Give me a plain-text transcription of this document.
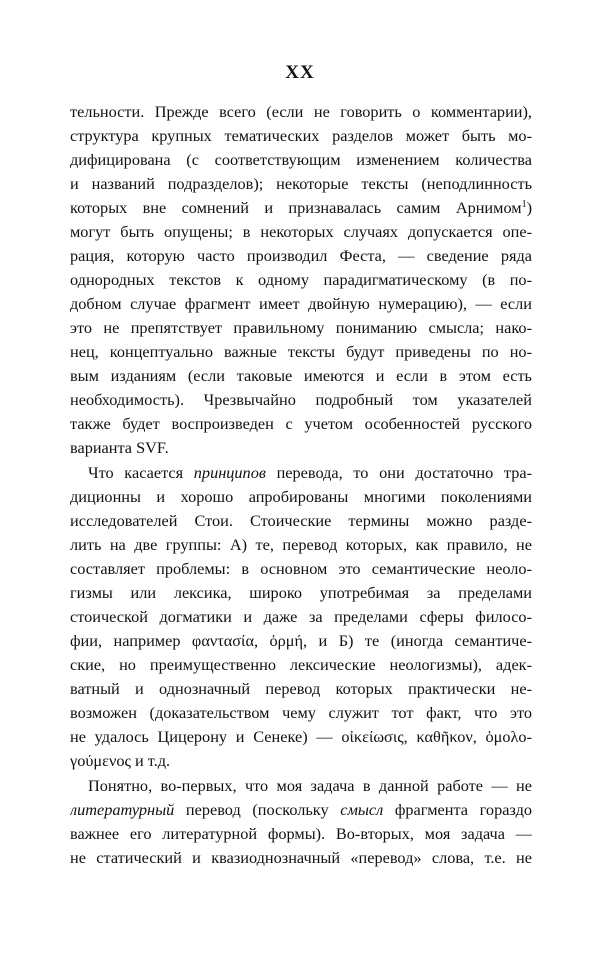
XX
тельности. Прежде всего (если не говорить о комментарии),
структура крупных тематических разделов может быть мо-
дифицирована (с соответствующим изменением количества
и названий подразделов); некоторые тексты (неподлинность
которых вне сомнений и признавалась самим Арнимом$^1$)
могут быть опущены; в некоторых случаях допускается опе-
рация, которую часто производил Феста, — сведение ряда
однородных текстов к одному парадигматическому (в по-
добном случае фрагмент имеет двойную нумерацию), — если
это не препятствует правильному пониманию смысла; нако-
нец, концептуально важные тексты будут приведены по но-
вым изданиям (если таковые имеются и если в этом есть
необходимость). Чрезвычайно подробный том указателей
также будет воспроизведен с учетом особенностей русского
варианта SVF.
Что касается принципов перевода, то они достаточно тра-
диционны и хорошо апробированы многими поколениями
исследователей Стои. Стоические термины можно разде-
лить на две группы: А) те, перевод которых, как правило, не
составляет проблемы: в основном это семантические неоло-
гизмы или лексика, широко употребимая за пределами
стоической догматики и даже за пределами сферы филосо-
фии, например φαντασία, ὁρμή, и Б) те (иногда семантиче-
ские, но преимущественно лексические неологизмы), адек-
ватный и однозначный перевод которых практически не-
возможен (доказательством чему служит тот факт, что это
не удалось Цицерону и Сенеке) — οἰκείωσις, καθῆκον, ὁμολο-
γούμενος и т.д.
Понятно, во-первых, что моя задача в данной работе — не
литературный перевод (поскольку смысл фрагмента гораздо
важнее его литературной формы). Во-вторых, моя задача —
не статический и квазиоднозначный «перевод» слова, т.е. не
